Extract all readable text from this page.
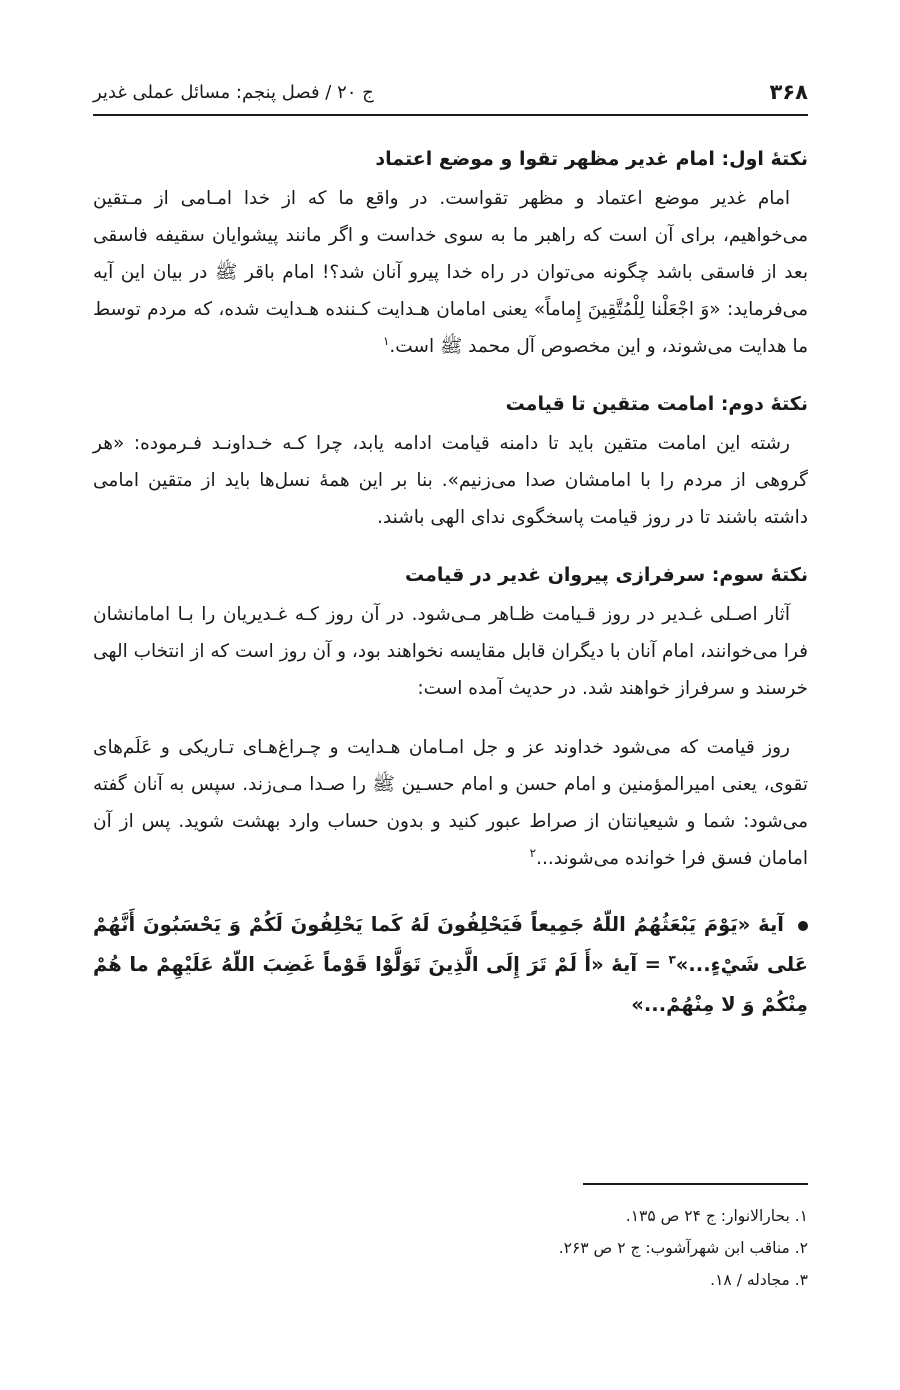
۳۶۸
ج ۲۰ / فصل پنجم: مسائل عملی غدیر
نکتۀ اول: امام غدیر مظهر تقوا و موضع اعتماد

امام غدیر موضع اعتماد و مظهر تقواست. در واقع ما که از خدا امـامی از مـتقین می‌خواهیم، برای آن است که راهبر ما به سوی خداست و اگر مانند پیشوایان سقیفه فاسقی بعد از فاسقی باشد چگونه می‌توان در راه خدا پیرو آنان شد؟! امام باقر ﷺ در بیان این آیه می‌فرماید: «وَ اجْعَلْنا لِلْمُتَّقِينَ إِماماً» یعنی امامان هـدایت کـننده هـدایت شده، که مردم توسط ما هدایت می‌شوند، و این مخصوص آل محمد ﷺ است.$^۱$

نکتۀ دوم: امامت متقین تا قیامت

رشته این امامت متقین باید تا دامنه قیامت ادامه یابد، چرا کـه خـداونـد فـرموده: «هر گروهی از مردم را با امامشان صدا می‌زنیم». بنا بر این همۀ نسل‌ها باید از متقین امامی داشته باشند تا در روز قیامت پاسخگوی ندای الهی باشند.

نکتۀ سوم: سرفرازی پیروان غدیر در قیامت

آثار اصـلی غـدیر در روز قـیامت ظـاهر مـی‌شود. در آن روز کـه غـدیریان را بـا امامانشان فرا می‌خوانند، امام آنان با دیگران قابل مقایسه نخواهند بود، و آن روز است که از انتخاب الهی خرسند و سرفراز خواهند شد. در حدیث آمده است:

روز قیامت که می‌شود خداوند عز و جل امـامان هـدایت و چـراغ‌هـای تـاریکی و عَلَم‌های تقوی، یعنی امیرالمؤمنین و امام حسن و امام حسـین ﷺ را صـدا مـی‌زند. سپس به آنان گفته می‌شود: شما و شیعیانتان از صراط عبور کنید و بدون حساب وارد بهشت شوید. پس از آن امامان فسق فرا خوانده می‌شوند...$^۲$

آیۀ «يَوْمَ يَبْعَثُهُمُ اللّهُ جَمِيعاً فَيَحْلِفُونَ لَهُ كَما يَحْلِفُونَ لَكُمْ وَ يَحْسَبُونَ أَنَّهُمْ عَلى شَيْءٍ...»$^۳$ = آیۀ «أَ لَمْ تَرَ إِلَى الَّذِينَ تَوَلَّوْا قَوْماً غَضِبَ اللّهُ عَلَيْهِمْ ما هُمْ مِنْكُمْ وَ لا مِنْهُمْ...»

۱. بحارالانوار: ج ۲۴ ص ۱۳۵.

۲. مناقب ابن شهرآشوب: ج ۲ ص ۲۶۳.

۳. مجادله / ۱۸.
